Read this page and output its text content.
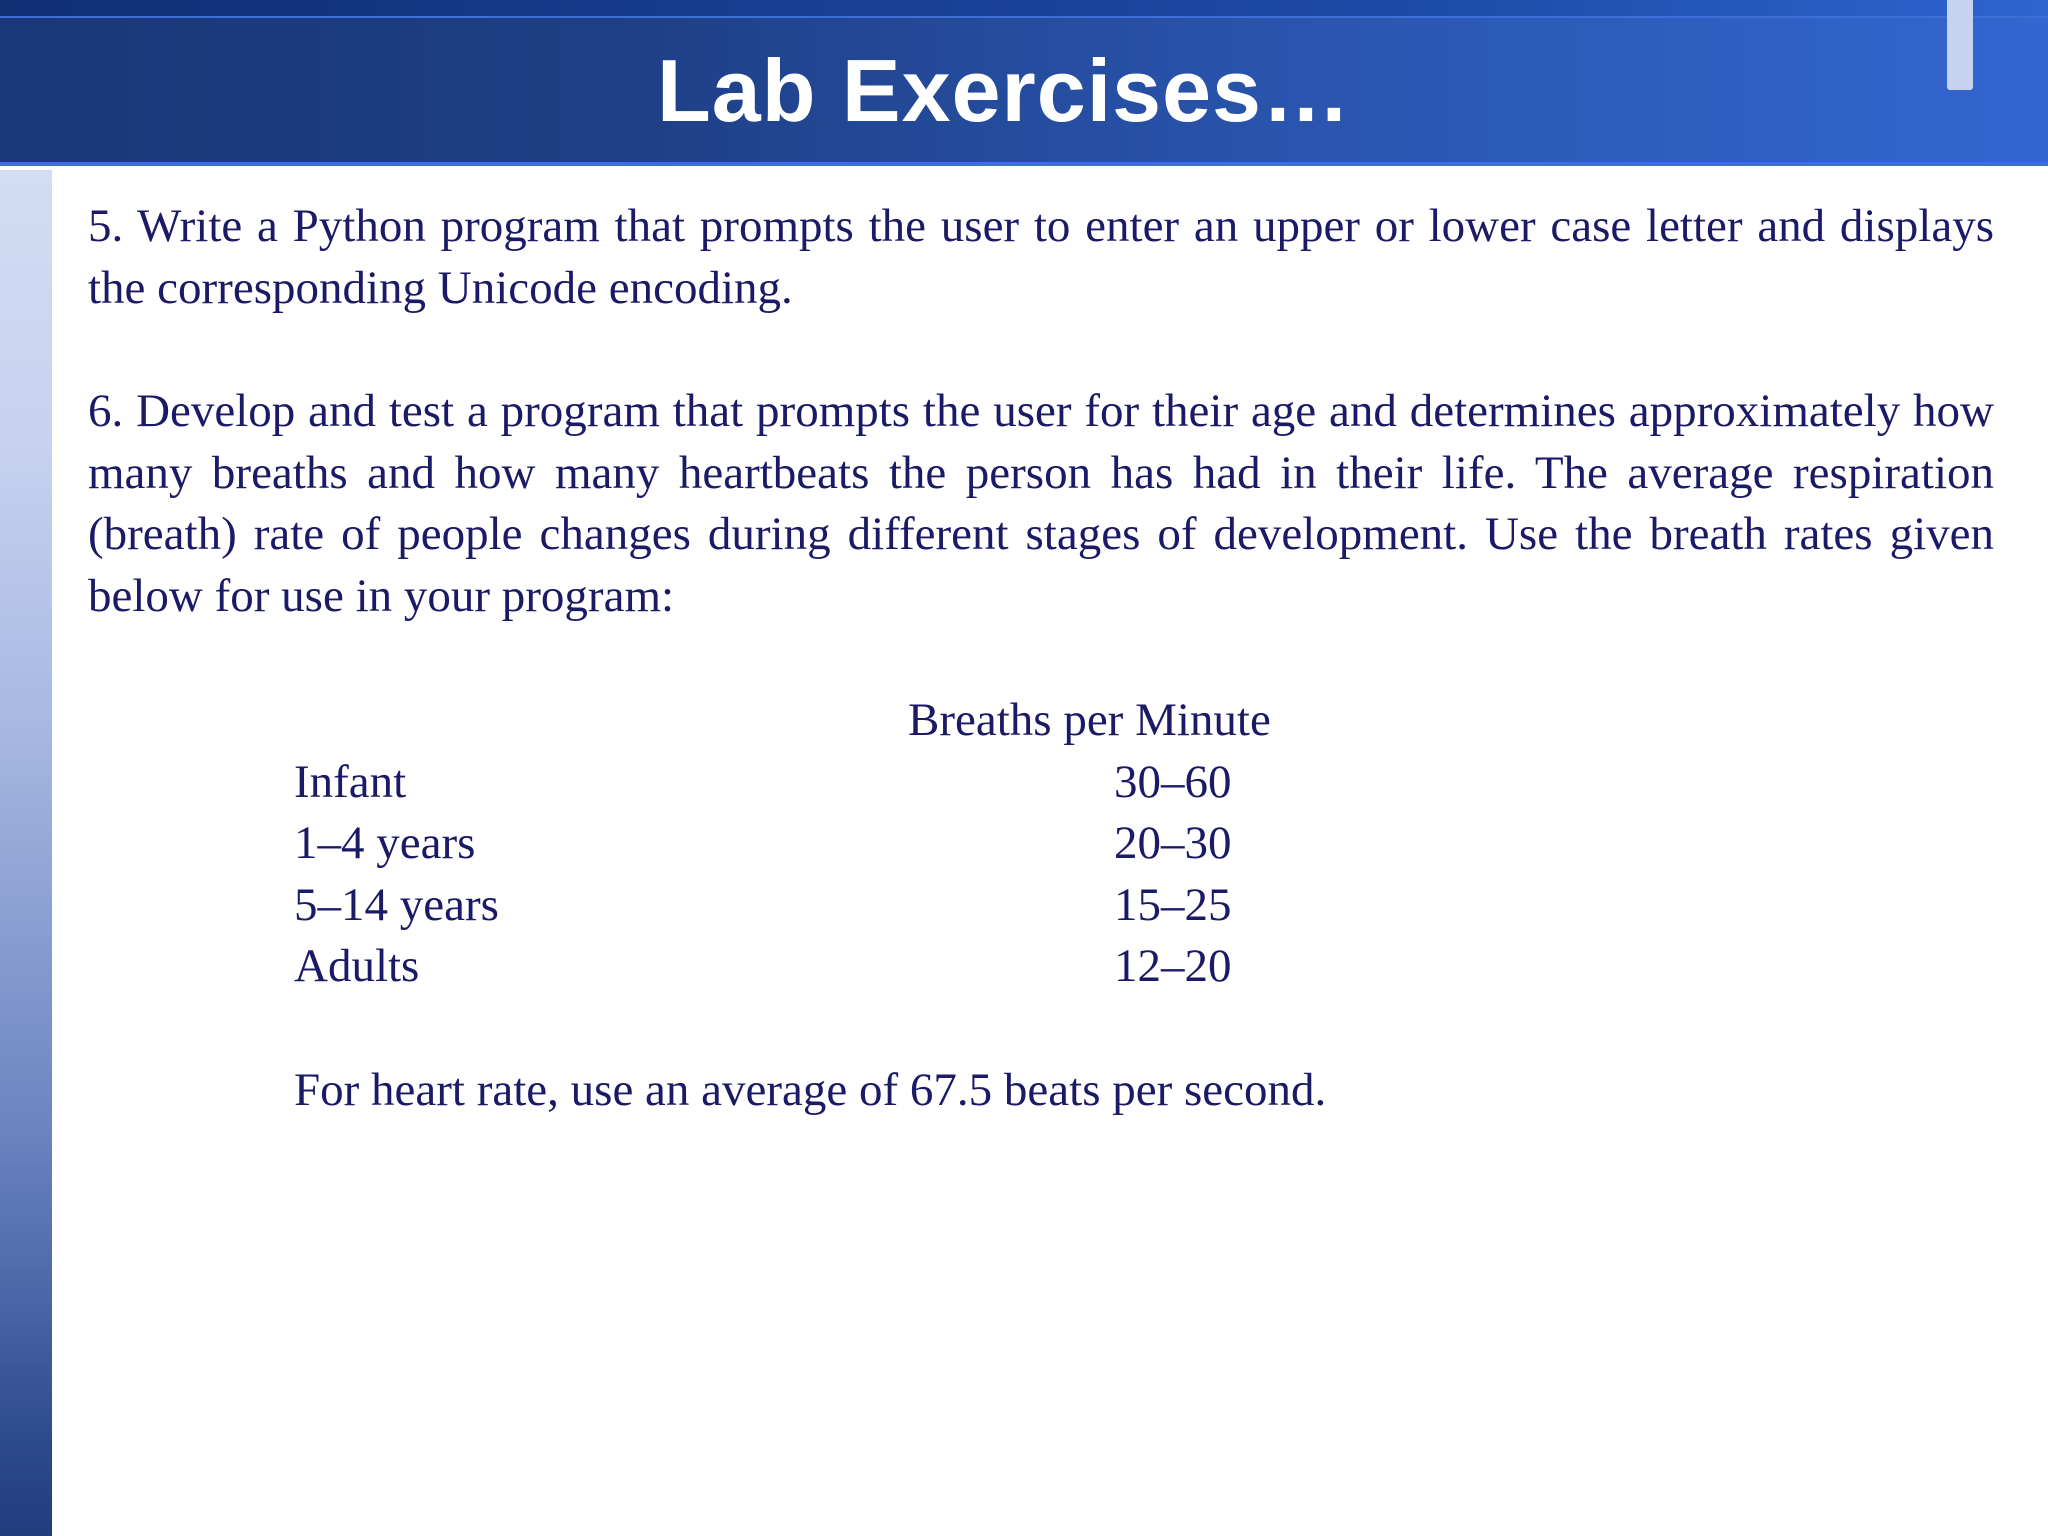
Lab Exercises…

5. Write a Python program that prompts the user to enter an upper or lower case letter and displays the corresponding Unicode encoding.

6. Develop and test a program that prompts the user for their age and determines approximately how many breaths and how many heartbeats the person has had in their life. The average respiration (breath) rate of people changes during different stages of development. Use the breath rates given below for use in your program:

Breaths per Minute
Infant	30–60
1–4 years	20–30
5–14 years	15–25
Adults	12–20
For heart rate, use an average of 67.5 beats per second.
